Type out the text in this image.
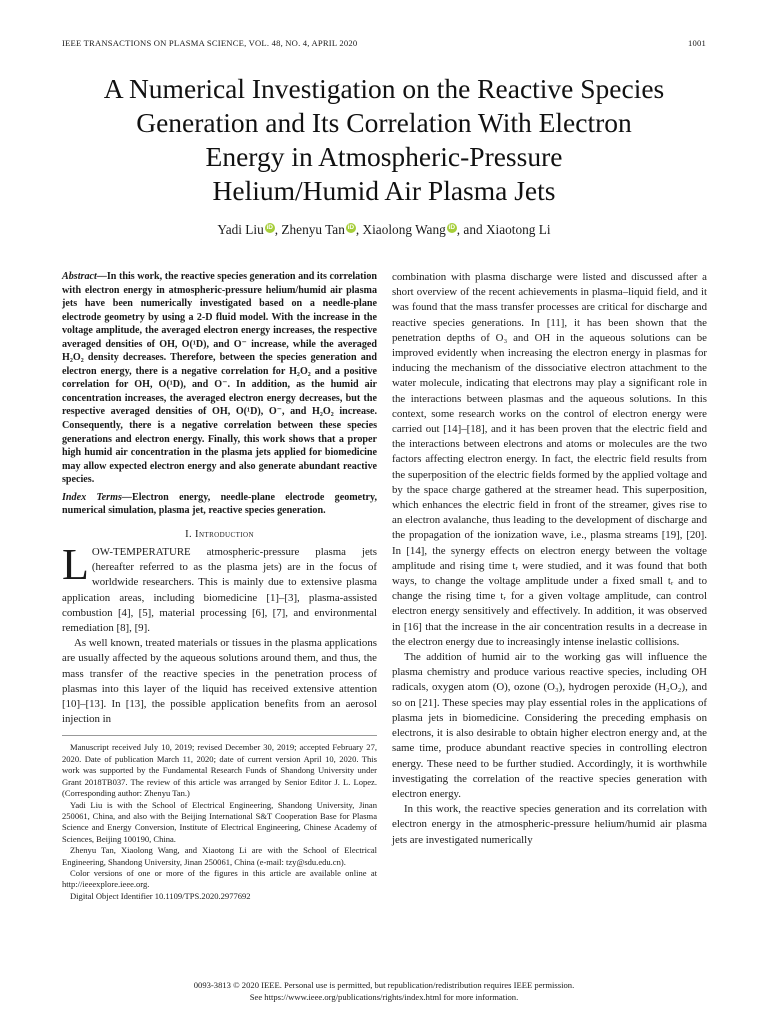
IEEE TRANSACTIONS ON PLASMA SCIENCE, VOL. 48, NO. 4, APRIL 2020	1001
A Numerical Investigation on the Reactive Species
Generation and Its Correlation With Electron
Energy in Atmospheric-Pressure
Helium/Humid Air Plasma Jets
Yadi Liu iD , Zhenyu Tan iD , Xiaolong Wang iD , and Xiaotong Li

Abstract—In this work, the reactive species generation and its correlation with electron energy in atmospheric-pressure helium/humid air plasma jets have been numerically investigated based on a needle-plane electrode geometry by using a 2-D fluid model. With the increase in the voltage amplitude, the averaged electron energy increases, the respective averaged densities of OH, O(¹D), and O⁻ increase, while the averaged H₂O₂ density decreases. Therefore, between the species generation and electron energy, there is a negative correlation for H₂O₂ and a positive correlation for OH, O(¹D), and O⁻. In addition, as the humid air concentration increases, the averaged electron energy decreases, but the respective averaged densities of OH, O(¹D), O⁻, and H₂O₂ increase. Consequently, there is a negative correlation between these species generations and electron energy. Finally, this work shows that a proper high humid air concentration in the plasma jets applied for biomedicine may allow expected electron energy and also generate abundant reactive species.

Index Terms—Electron energy, needle-plane electrode geometry, numerical simulation, plasma jet, reactive species generation.

I. Introduction

LOW-TEMPERATURE atmospheric-pressure plasma jets (hereafter referred to as the plasma jets) are in the focus of worldwide researchers. This is mainly due to extensive plasma application areas, including biomedicine [1]–[3], plasma-assisted combustion [4], [5], material processing [6], [7], and environmental remediation [8], [9].

As well known, treated materials or tissues in the plasma applications are usually affected by the aqueous solutions around them, and thus, the mass transfer of the reactive species in the penetration process of plasmas into this layer of the liquid has received extensive attention [10]–[13]. In [13], the possible application benefits from an aerosol injection in

Manuscript received July 10, 2019; revised December 30, 2019; accepted February 27, 2020. Date of publication March 11, 2020; date of current version April 10, 2020. This work was supported by the Fundamental Research Funds of Shandong University under Grant 2018TB037. The review of this article was arranged by Senior Editor J. L. Lopez. (Corresponding author: Zhenyu Tan.)

Yadi Liu is with the School of Electrical Engineering, Shandong University, Jinan 250061, China, and also with the Beijing International S&T Cooperation Base for Plasma Science and Energy Conversion, Institute of Electrical Engineering, Chinese Academy of Sciences, Beijing 100190, China.

Zhenyu Tan, Xiaolong Wang, and Xiaotong Li are with the School of Electrical Engineering, Shandong University, Jinan 250061, China (e-mail: tzy@sdu.edu.cn).

Color versions of one or more of the figures in this article are available online at http://ieeexplore.ieee.org.

Digital Object Identifier 10.1109/TPS.2020.2977692

combination with plasma discharge were listed and discussed after a short overview of the recent achievements in plasma–liquid field, and it was found that the mass transfer processes are critical for discharge and reactive species generations. In [11], it has been shown that the penetration depths of O₃ and OH in the aqueous solutions can be improved evidently when increasing the electron energy in plasmas for inducing the mechanism of the dissociative electron attachment to the water molecule, indicating that electrons may play a significant role in the interactions between plasmas and the aqueous solutions. In this context, some research works on the control of electron energy were carried out [14]–[18], and it has been proven that the electric field and the interactions between electrons and atoms or molecules are the two factors affecting electron energy. In fact, the electric field results from the superposition of the electric fields formed by the applied voltage and by the space charge gathered at the streamer head. This superposition, which enhances the electric field in front of the streamer, gives rise to an electron avalanche, thus leading to the development of discharge and the propagation of the ionization wave, i.e., plasma streams [19], [20]. In [14], the synergy effects on electron energy between the voltage amplitude and rising time tᵣ were studied, and it was found that both ways, to change the voltage amplitude under a fixed small tᵣ and to change the rising time tᵣ for a given voltage amplitude, can control electron energy sensitively and effectively. In addition, it was observed in [16] that the increase in the air concentration results in a decrease in the electron energy due to increasingly intense inelastic collisions.

The addition of humid air to the working gas will influence the plasma chemistry and produce various reactive species, including OH radicals, oxygen atom (O), ozone (O₃), hydrogen peroxide (H₂O₂), and so on [21]. These species may play essential roles in the applications of plasma jets in biomedicine. Considering the preceding emphasis on electrons, it is also desirable to obtain higher electron energy and, at the same time, produce abundant reactive species in controlling electron energy. These need to be further studied. Accordingly, it is worthwhile investigating the correlation of the reactive species generation with electron energy.

In this work, the reactive species generation and its correlation with electron energy in the atmospheric-pressure helium/humid air plasma jets are investigated numerically

0093-3813 © 2020 IEEE. Personal use is permitted, but republication/redistribution requires IEEE permission.
See https://www.ieee.org/publications/rights/index.html for more information.
